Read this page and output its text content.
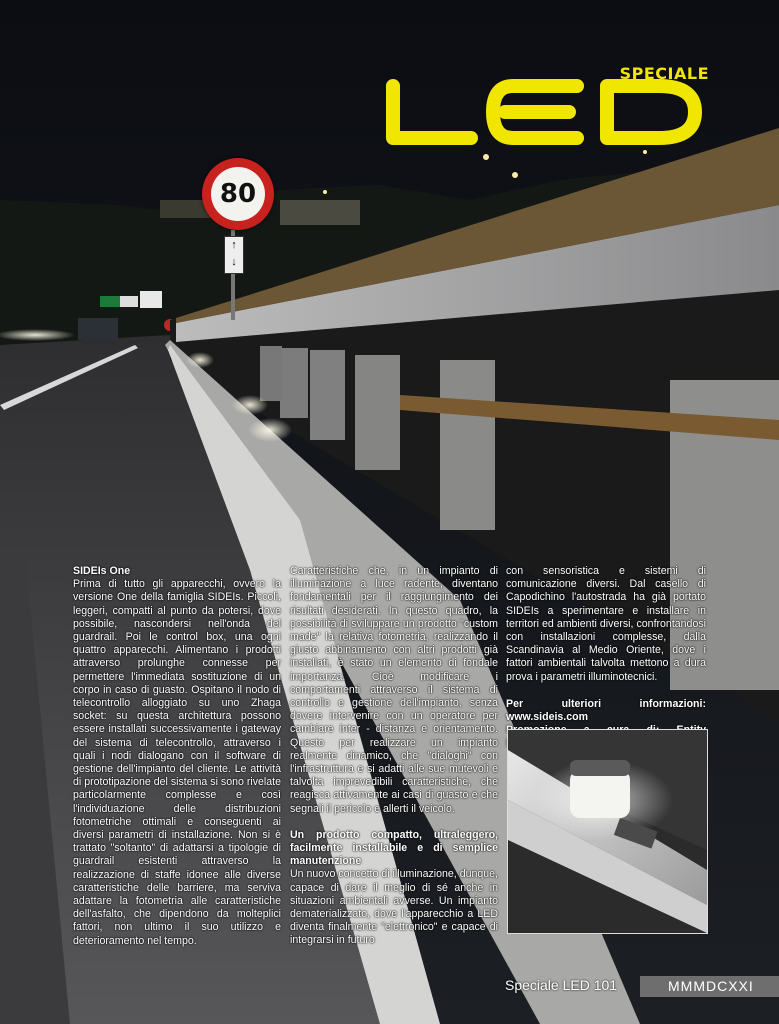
80
↑
↓
SPECIALE

SIDEIs One

Prima di tutto gli apparecchi, ovvero la versione One della famiglia SIDEIs. Piccoli, leggeri, compatti al punto da potersi, dove possibile, nascondersi nell'onda del guardrail. Poi le control box, una ogni quattro apparecchi. Alimentano i prodotti attraverso prolunghe connesse per permettere l'immediata sostituzione di un corpo in caso di guasto. Ospitano il nodo di telecontrollo alloggiato su uno Zhaga socket: su questa architettura possono essere installati successivamente i gateway del sistema di telecontrollo, attraverso i quali i nodi dialogano con il software di gestione dell'impianto del cliente. Le attività di prototipazione del sistema si sono rivelate particolarmente complesse e così l'individuazione delle distribuzioni fotometriche ottimali e conseguenti ai diversi parametri di installazione. Non si è trattato "soltanto" di adattarsi a tipologie di guardrail esistenti attraverso la realizzazione di staffe idonee alle diverse caratteristiche delle barriere, ma serviva adattare la fotometria alle caratteristiche dell'asfalto, che dipendono da molteplici fattori, non ultimo il suo utilizzo e deterioramento nel tempo.

Caratteristiche che, in un impianto di illuminazione a luce radente, diventano fondamentali per il raggiungimento dei risultati desiderati. In questo quadro, la possibilità di sviluppare un prodotto "custom made" la relativa fotometria, realizzando il giusto abbinamento con altri prodotti già installati, è stato un elemento di fondale importanza. Cioè modificare i comportamenti attraverso il sistema di controllo e gestione dell'impianto, senza dovere intervenire con un operatore per cambiare inter - distanza e orientamento. Questo per realizzare un impianto realmente dinamico, che "dialoghi" con l'infrastruttura e si adatti alle sue mutevoli e talvolta imprevedibili caratteristiche, che reagisca attivamente ai casi di guasto e che segnali il pericolo e allerti il veicolo.

Un prodotto compatto, ultraleggero, facilmente installabile e di semplice manutenzione

Un nuovo concetto di illuminazione, dunque, capace di dare il meglio di sé anche in situazioni ambientali avverse. Un impianto dematerializzato, dove l'apparecchio a LED diventa finalmente "elettronico" e capace di integrarsi in futuro

con sensoristica e sistemi di comunicazione diversi. Dal casello di Capodichino l'autostrada ha già portato SIDEIs a sperimentare e installare in territori ed ambienti diversi, confrontandosi con installazioni complesse, dalla Scandinavia al Medio Oriente, dove i fattori ambientali talvolta mettono a dura prova i parametri illuminotecnici.

Per ulteriori informazioni: www.sideis.com

Speciale LED 101	MMMDCXXI
